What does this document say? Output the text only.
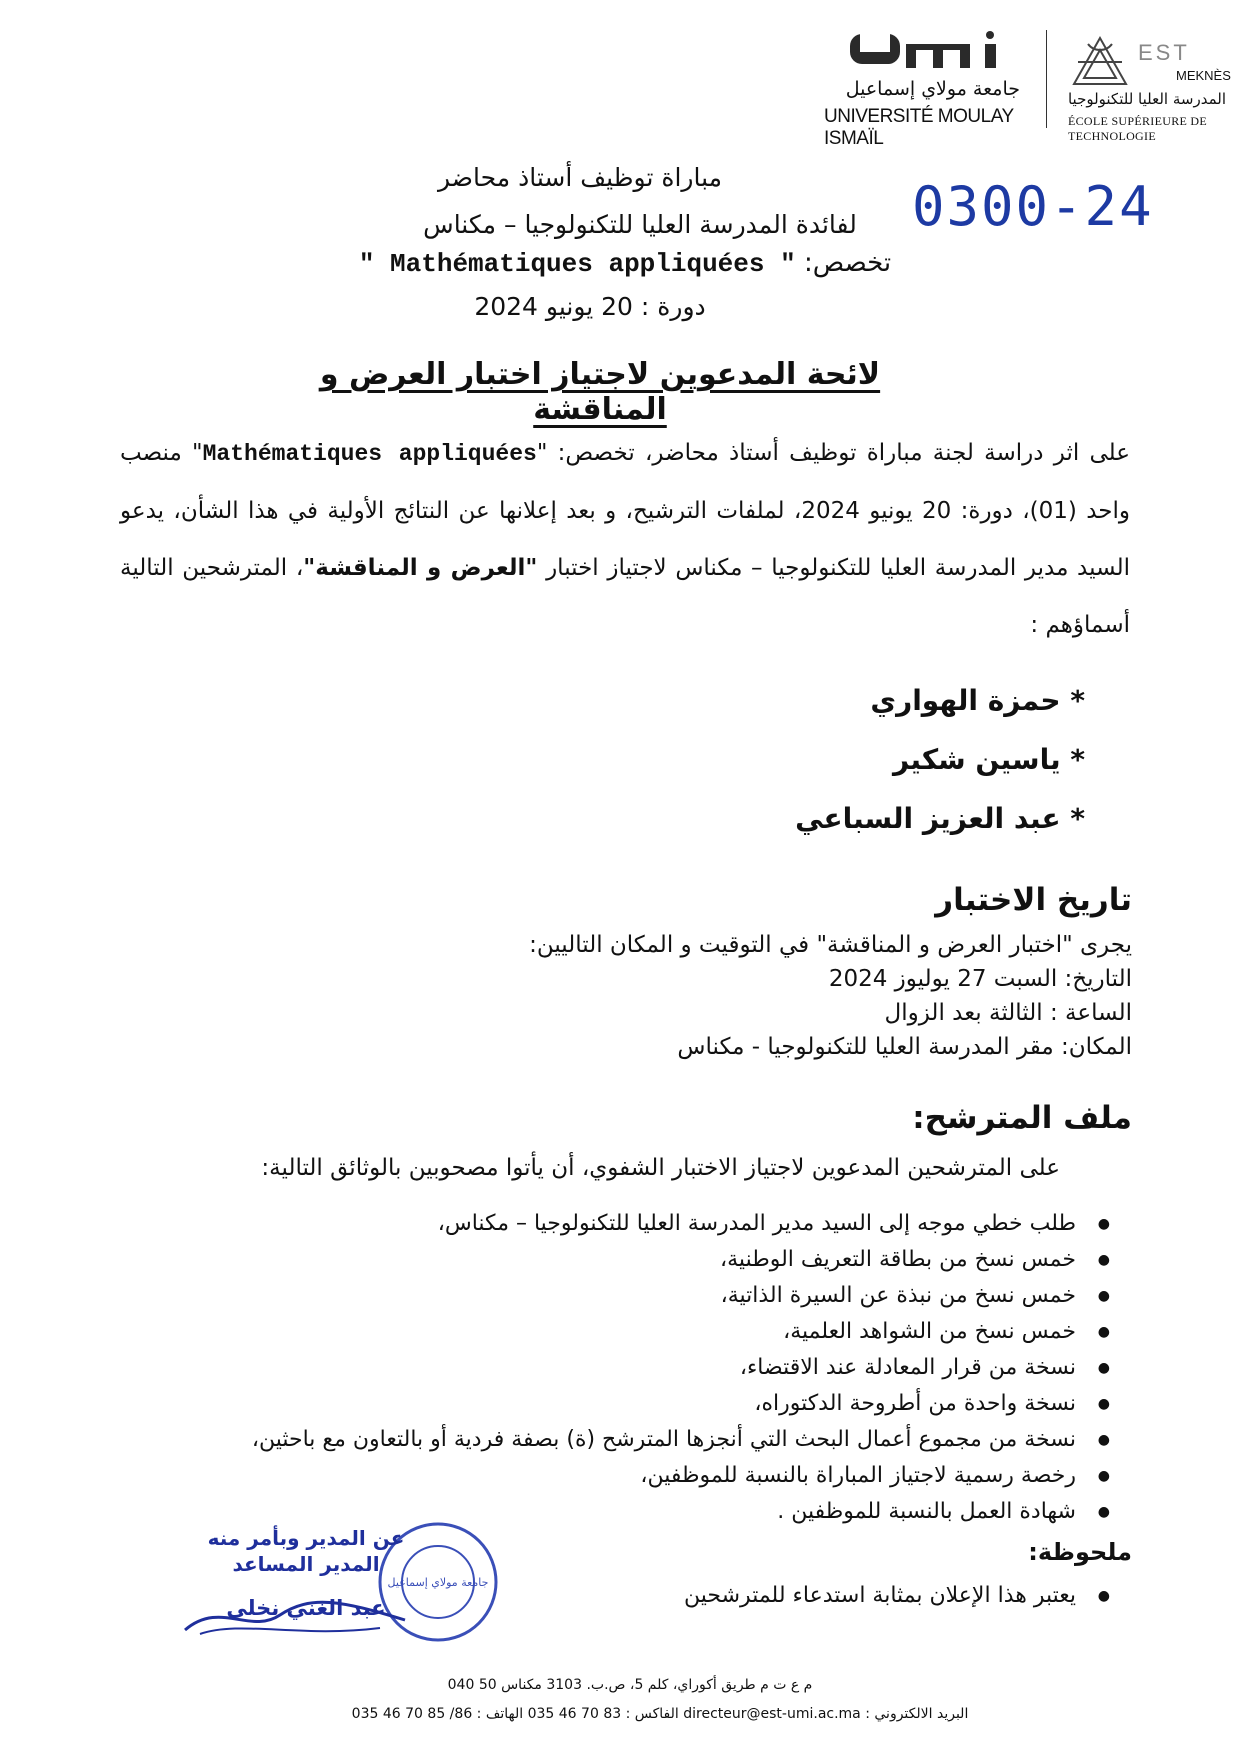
جامعة مولاي إسماعيل
UNIVERSITÉ MOULAY ISMAÏL
EST
MEKNÈS
المدرسة العليا للتكنولوجيا
ÉCOLE SUPÉRIEURE DE TECHNOLOGIE
0300-24
مباراة توظيف أستاذ محاضر
لفائدة المدرسة العليا للتكنولوجيا – مكناس
" Mathématiques appliquées " تخصص:
دورة : 20 يونيو 2024
لائحة المدعوين لاجتياز اختبار العرض و المناقشة
على اثر دراسة لجنة مباراة توظيف أستاذ محاضر، تخصص: "Mathématiques appliquées" منصب واحد (01)، دورة: 20 يونيو 2024، لملفات الترشيح، و بعد إعلانها عن النتائج الأولية في هذا الشأن، يدعو السيد مدير المدرسة العليا للتكنولوجيا – مكناس لاجتياز اختبار "العرض و المناقشة"، المترشحين التالية أسماؤهم :
* حمزة الهواري
* ياسين شكير
* عبد العزيز السباعي
تاريخ الاختبار
يجرى "اختبار العرض و المناقشة" في التوقيت و المكان التاليين:
التاريخ: السبت 27 يوليوز 2024
الساعة : الثالثة بعد الزوال
المكان: مقر المدرسة العليا للتكنولوجيا - مكناس
ملف المترشح:
على المترشحين المدعوين لاجتياز الاختبار الشفوي، أن يأتوا مصحوبين بالوثائق التالية:
● طلب خطي موجه إلى السيد مدير المدرسة العليا للتكنولوجيا – مكناس،
● خمس نسخ من بطاقة التعريف الوطنية،
● خمس نسخ من نبذة عن السيرة الذاتية،
● خمس نسخ من الشواهد العلمية،
● نسخة من قرار المعادلة عند الاقتضاء،
● نسخة واحدة من أطروحة الدكتوراه،
● نسخة من مجموع أعمال البحث التي أنجزها المترشح (ة) بصفة فردية أو بالتعاون مع باحثين،
● رخصة رسمية لاجتياز المباراة بالنسبة للموظفين،
● شهادة العمل بالنسبة للموظفين .
ملحوظة:
● يعتبر هذا الإعلان بمثابة استدعاء للمترشحين
جامعة مولاي إسماعيل
عن المدير وبأمر منه
المدير المساعد
عبد الغني نخلي
م ع ت م طريق أكوراي، كلم 5، ص.ب. 3103 مكناس 50 040
البريد الالكتروني : directeur@est-umi.ac.ma الفاكس : 83 70 46 035 الهاتف : 86/ 85 70 46 035
